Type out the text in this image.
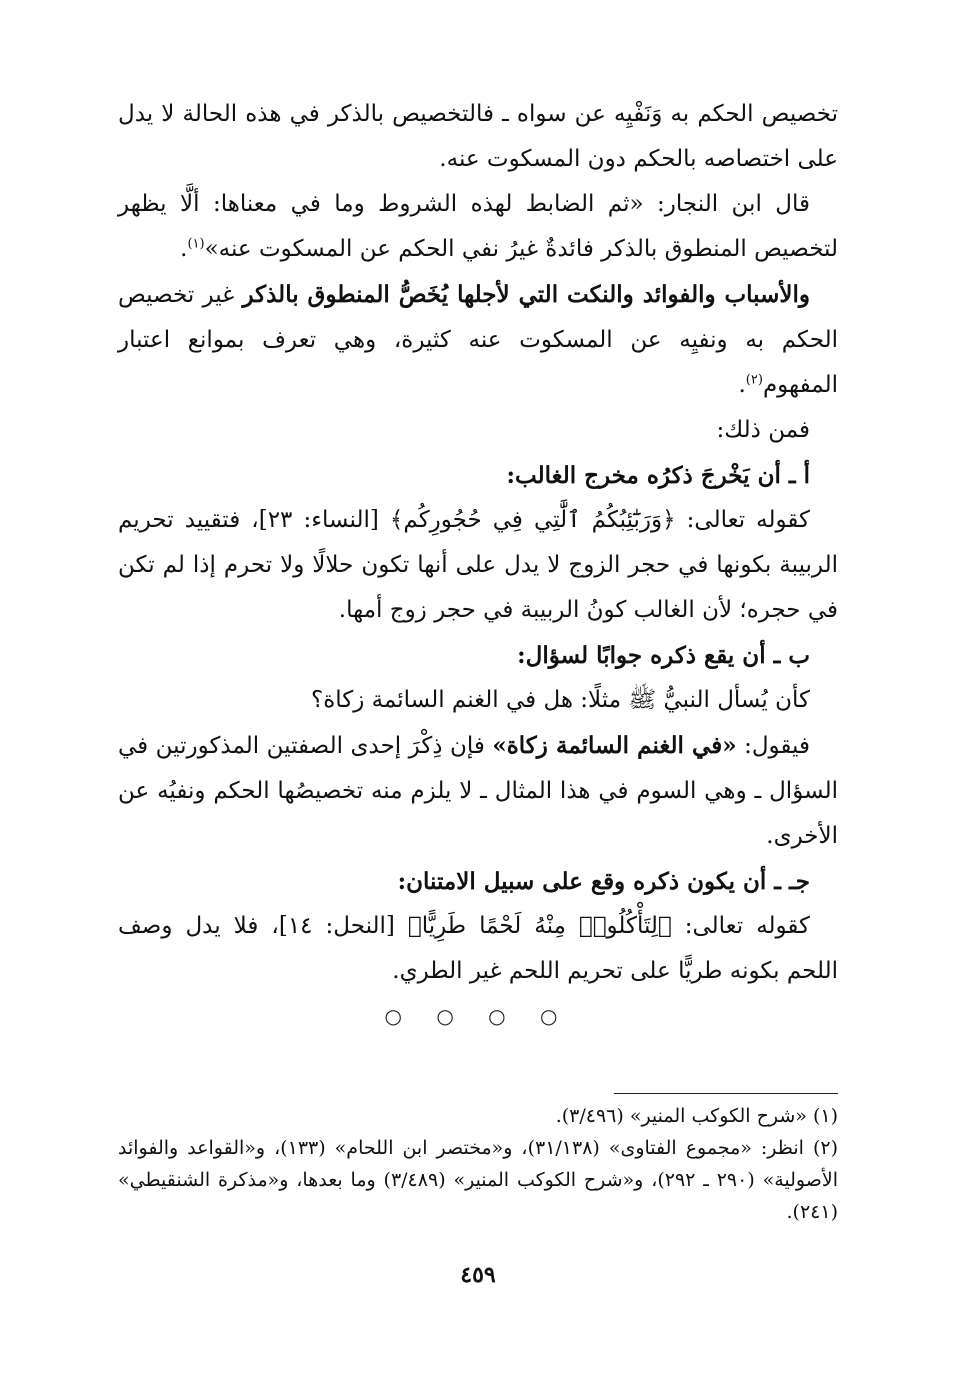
تخصيص الحكم به وَنَفْيِه عن سواه ـ فالتخصيص بالذكر في هذه الحالة لا يدل على اختصاصه بالحكم دون المسكوت عنه.

قال ابن النجار: «ثم الضابط لهذه الشروط وما في معناها: ألَّا يظهر لتخصيص المنطوق بالذكر فائدةٌ غيرُ نفي الحكم عن المسكوت عنه»$^{(١)}$.

والأسباب والفوائد والنكت التي لأجلها يُخَصُّ المنطوق بالذكر غير تخصيص الحكم به ونفيِه عن المسكوت عنه كثيرة، وهي تعرف بموانع اعتبار المفهوم$^{(٢)}$.

فمن ذلك:

أ ـ أن يَخْرجَ ذكرُه مخرج الغالب:

كقوله تعالى: ﴿وَرَبَٰٓئِبُكُمُ ٱلَّٰتِي فِي حُجُورِكُم﴾ [النساء: ٢٣]، فتقييد تحريم الربيبة بكونها في حجر الزوج لا يدل على أنها تكون حلالًا ولا تحرم إذا لم تكن في حجره؛ لأن الغالب كونُ الربيبة في حجر زوج أمها.

ب ـ أن يقع ذكره جوابًا لسؤال:

كأن يُسأل النبيُّ ﷺ مثلًا: هل في الغنم السائمة زكاة؟

فيقول: «في الغنم السائمة زكاة» فإن ذِكْرَ إحدى الصفتين المذكورتين في السؤال ـ وهي السوم في هذا المثال ـ لا يلزم منه تخصيصُها الحكم ونفيُه عن الأخرى.

جـ ـ أن يكون ذكره وقع على سبيل الامتنان:

كقوله تعالى: ﴿لِتَأْكُلُوا۟ مِنْهُ لَحْمًا طَرِيًّا﴾ [النحل: ١٤]، فلا يدل وصف اللحم بكونه طريًّا على تحريم اللحم غير الطري.

○ ○ ○ ○

(١) «شرح الكوكب المنير» (٣/٤٩٦).

(٢) انظر: «مجموع الفتاوى» (٣١/١٣٨)، و«مختصر ابن اللحام» (١٣٣)، و«القواعد والفوائد الأصولية» (٢٩٠ ـ ٢٩٢)، و«شرح الكوكب المنير» (٣/٤٨٩) وما بعدها، و«مذكرة الشنقيطي» (٢٤١).

٤٥٩
